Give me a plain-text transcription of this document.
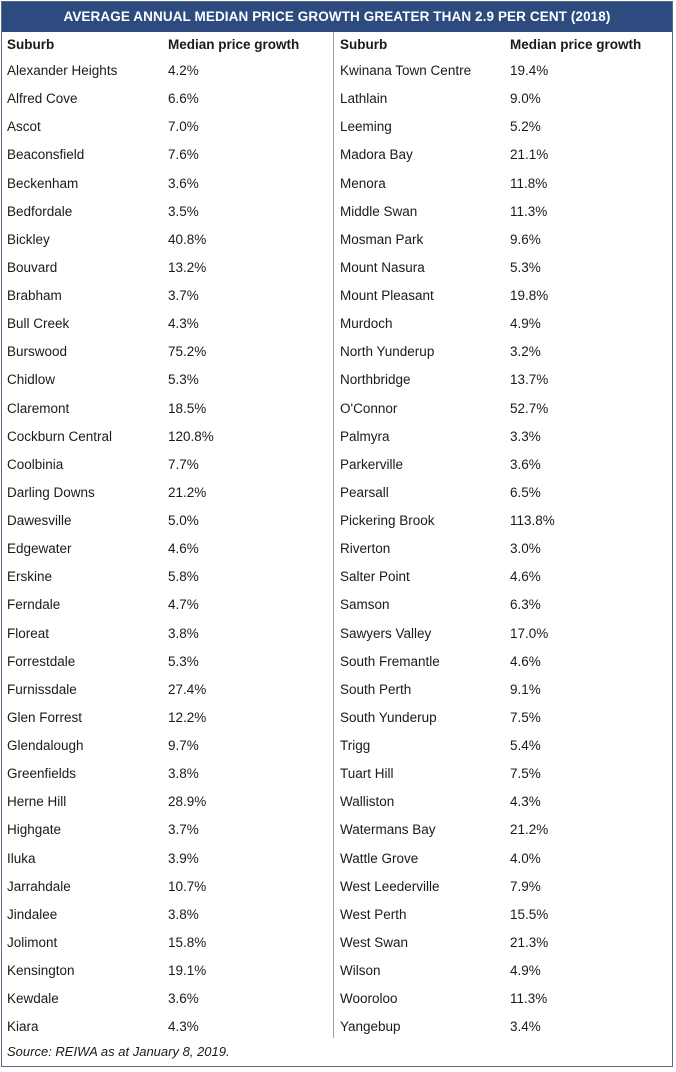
AVERAGE ANNUAL MEDIAN PRICE GROWTH GREATER THAN 2.9 PER CENT (2018)
Suburb	Median price growth
Alexander Heights	4.2%
Alfred Cove	6.6%
Ascot	7.0%
Beaconsfield	7.6%
Beckenham	3.6%
Bedfordale	3.5%
Bickley	40.8%
Bouvard	13.2%
Brabham	3.7%
Bull Creek	4.3%
Burswood	75.2%
Chidlow	5.3%
Claremont	18.5%
Cockburn Central	120.8%
Coolbinia	7.7%
Darling Downs	21.2%
Dawesville	5.0%
Edgewater	4.6%
Erskine	5.8%
Ferndale	4.7%
Floreat	3.8%
Forrestdale	5.3%
Furnissdale	27.4%
Glen Forrest	12.2%
Glendalough	9.7%
Greenfields	3.8%
Herne Hill	28.9%
Highgate	3.7%
Iluka	3.9%
Jarrahdale	10.7%
Jindalee	3.8%
Jolimont	15.8%
Kensington	19.1%
Kewdale	3.6%
Kiara	4.3%
Suburb	Median price growth
Kwinana Town Centre	19.4%
Lathlain	9.0%
Leeming	5.2%
Madora Bay	21.1%
Menora	11.8%
Middle Swan	11.3%
Mosman Park	9.6%
Mount Nasura	5.3%
Mount Pleasant	19.8%
Murdoch	4.9%
North Yunderup	3.2%
Northbridge	13.7%
O'Connor	52.7%
Palmyra	3.3%
Parkerville	3.6%
Pearsall	6.5%
Pickering Brook	113.8%
Riverton	3.0%
Salter Point	4.6%
Samson	6.3%
Sawyers Valley	17.0%
South Fremantle	4.6%
South Perth	9.1%
South Yunderup	7.5%
Trigg	5.4%
Tuart Hill	7.5%
Walliston	4.3%
Watermans Bay	21.2%
Wattle Grove	4.0%
West Leederville	7.9%
West Perth	15.5%
West Swan	21.3%
Wilson	4.9%
Wooroloo	11.3%
Yangebup	3.4%
Source: REIWA as at January 8, 2019.
